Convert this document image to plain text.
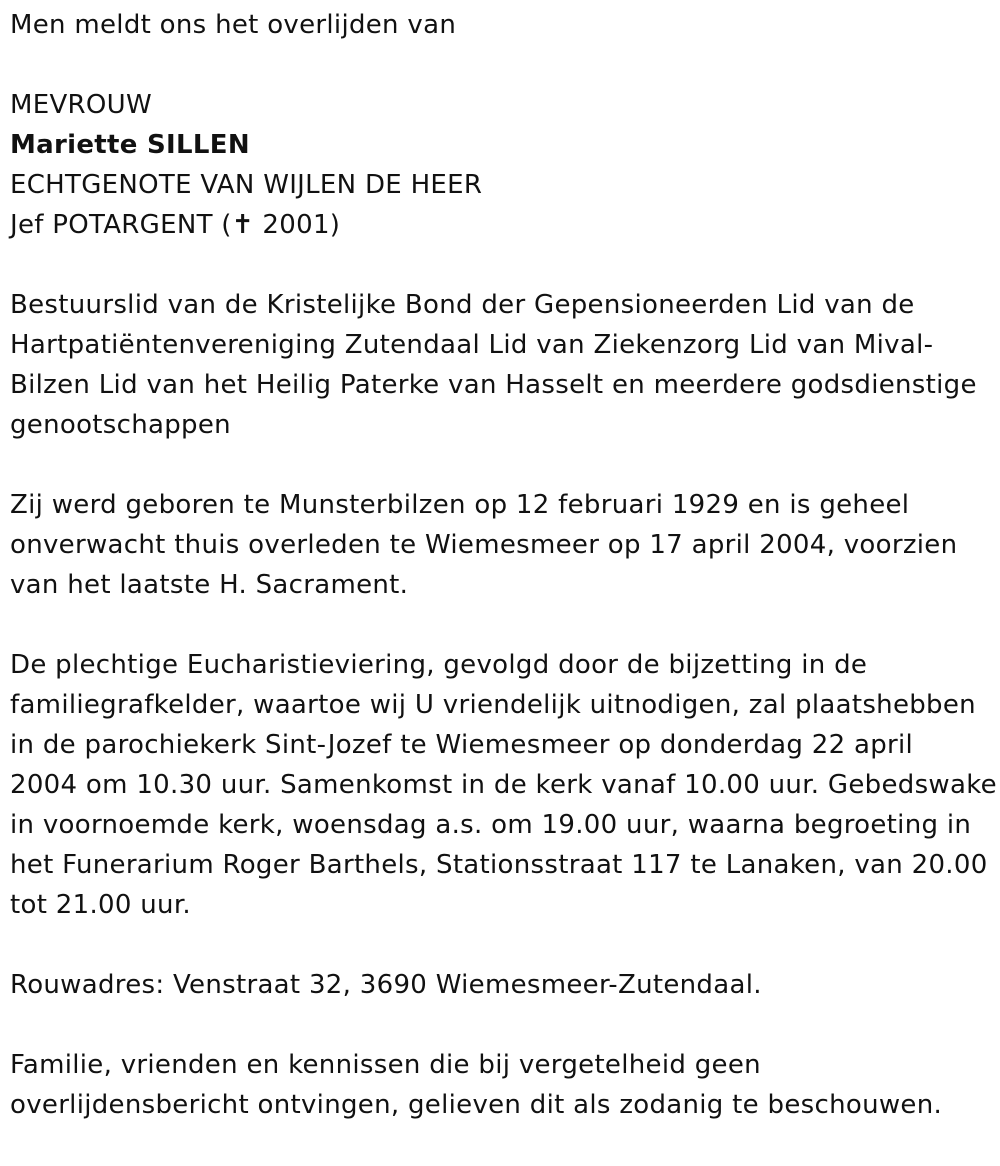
Men meldt ons het overlijden van

MEVROUW

Mariette SILLEN

ECHTGENOTE VAN WIJLEN DE HEER

Jef POTARGENT (✝ 2001)

Bestuurslid van de Kristelijke Bond der Gepensioneerden Lid van de
Hartpatiëntenvereniging Zutendaal Lid van Ziekenzorg Lid van Mival-
Bilzen Lid van het Heilig Paterke van Hasselt en meerdere godsdienstige
genootschappen

Zij werd geboren te Munsterbilzen op 12 februari 1929 en is geheel
onverwacht thuis overleden te Wiemesmeer op 17 april 2004, voorzien
van het laatste H. Sacrament.

De plechtige Eucharistieviering, gevolgd door de bijzetting in de
familiegrafkelder, waartoe wij U vriendelijk uitnodigen, zal plaatshebben
in de parochiekerk Sint-Jozef te Wiemesmeer op donderdag 22 april
2004 om 10.30 uur. Samenkomst in de kerk vanaf 10.00 uur. Gebedswake
in voornoemde kerk, woensdag a.s. om 19.00 uur, waarna begroeting in
het Funerarium Roger Barthels, Stationsstraat 117 te Lanaken, van 20.00
tot 21.00 uur.

Rouwadres: Venstraat 32, 3690 Wiemesmeer-Zutendaal.

Familie, vrienden en kennissen die bij vergetelheid geen
overlijdensbericht ontvingen, gelieven dit als zodanig te beschouwen.
